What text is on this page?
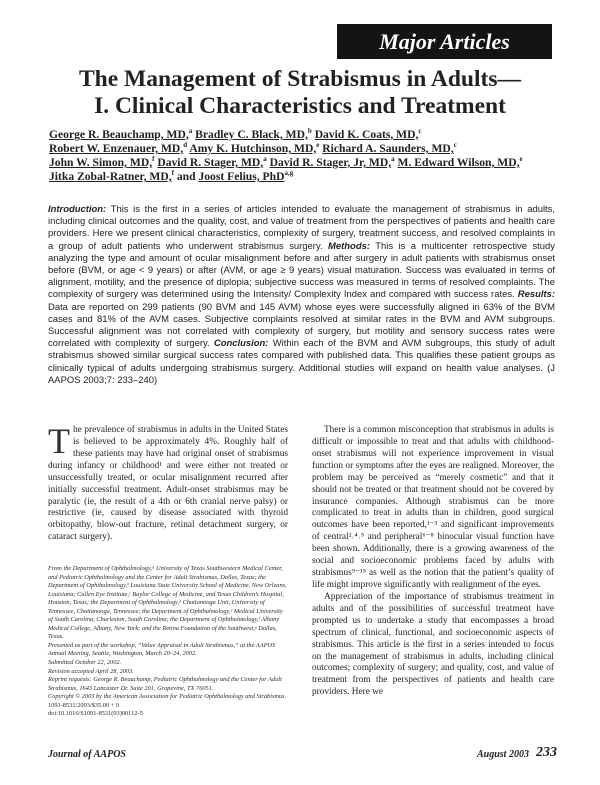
Major Articles
The Management of Strabismus in Adults—
I. Clinical Characteristics and Treatment
George R. Beauchamp, MD,$^a$ Bradley C. Black, MD,$^b$ David K. Coats, MD,$^c$
Robert W. Enzenauer, MD,$^d$ Amy K. Hutchinson, MD,$^e$ Richard A. Saunders, MD,$^c$
John W. Simon, MD,$^f$ David R. Stager, MD,$^a$ David R. Stager, Jr, MD,$^a$ M. Edward Wilson, MD,$^e$
Jitka Zobal-Ratner, MD,$^f$ and Joost Felius, PhD$^{a,g}$
Introduction: This is the first in a series of articles intended to evaluate the management of strabismus in adults, including clinical outcomes and the quality, cost, and value of treatment from the perspectives of patients and health care providers. Here we present clinical characteristics, complexity of surgery, treatment success, and resolved complaints in a group of adult patients who underwent strabismus surgery. Methods: This is a multicenter retrospective study analyzing the type and amount of ocular misalignment before and after surgery in adult patients with strabismus onset before (BVM, or age < 9 years) or after (AVM, or age ≥ 9 years) visual maturation. Success was evaluated in terms of alignment, motility, and the presence of diplopia; subjective success was measured in terms of resolved complaints. The complexity of surgery was determined using the Intensity/ Complexity Index and compared with success rates. Results: Data are reported on 299 patients (90 BVM and 145 AVM) whose eyes were successfully aligned in 63% of the BVM cases and 81% of the AVM cases. Subjective complaints resolved at similar rates in the BVM and AVM subgroups. Successful alignment was not correlated with complexity of surgery, but motility and sensory success rates were correlated with complexity of surgery. Conclusion: Within each of the BVM and AVM subgroups, this study of adult strabismus showed similar surgical success rates compared with published data. This qualifies these patient groups as clinically typical of adults undergoing strabismus surgery. Additional studies will expand on health value analyses. (J AAPOS 2003;7: 233–240)

The prevalence of strabismus in adults in the United States is believed to be approximately 4%. Roughly half of these patients may have had original onset of strabismus during infancy or childhood¹ and were either not treated or unsuccessfully treated, or ocular misalignment recurred after initially successful treatment. Adult-onset strabismus may be paralytic (ie, the result of a 4th or 6th cranial nerve palsy) or restrictive (ie, caused by disease associated with thyroid orbitopathy, blow-out fracture, retinal detachment surgery, or cataract surgery).

From the Department of Ophthalmology,ᵃ University of Texas Southwestern Medical Center, and Pediatric Ophthalmology and the Center for Adult Strabismus, Dallas, Texas; the Department of Ophthalmology,ᵇ Louisiana State University School of Medicine, New Orleans, Louisiana; Cullen Eye Institute,ᶜ Baylor College of Medicine, and Texas Children’s Hospital, Houston, Texas; the Department of Ophthalmology,ᵈ Chattanooga Unit, University of Tennessee, Chattanooga, Tennessee; the Department of Ophthalmology,ᵉ Medical University of South Carolina, Charleston, South Carolina; the Department of Ophthalmology,ᶠ Albany Medical College, Albany, New York; and the Retina Foundation of the Southwest,ᵍ Dallas, Texas.

Presented as part of the workshop, “Value Appraisal in Adult Strabismus,” at the AAPOS Annual Meeting, Seattle, Washington, March 20–24, 2002.

Submitted October 22, 2002.

Revision accepted April 28, 2003.

Reprint requests: George R. Beauchamp, Pediatric Ophthalmology and the Center for Adult Strabismus, 1643 Lancaster Dr. Suite 201, Grapevine, TX 76051.

Copyright © 2003 by the American Association for Pediatric Ophthalmology and Strabismus.

1091-8531/2003/$35.00 + 0

doi:10.1016/S1091-8531(03)00112-5

There is a common misconception that strabismus in adults is difficult or impossible to treat and that adults with childhood-onset strabismus will not experience improvement in visual function or symptoms after the eyes are realigned. Moreover, the problem may be perceived as “merely cosmetic” and that it should not be treated or that treatment should not be covered by insurance companies. Although strabismus can be more complicated to treat in adults than in children, good surgical outcomes have been reported,¹⁻³ and significant improvements of central²˒⁴˒⁵ and peripheral⁶⁻⁸ binocular visual function have been shown. Additionally, there is a growing awareness of the social and socioeconomic problems faced by adults with strabismus⁹⁻¹⁵ as well as the notion that the patient’s quality of life might improve significantly with realignment of the eyes.

Appreciation of the importance of strabismus treatment in adults and of the possibilities of successful treatment have prompted us to undertake a study that encompasses a broad spectrum of clinical, functional, and socioeconomic aspects of strabismus. This article is the first in a series intended to focus on the management of strabismus in adults, including clinical outcomes; complexity of surgery; and quality, cost, and value of treatment from the perspectives of patients and health care providers. Here we

Journal of AAPOS	August 2003 233
